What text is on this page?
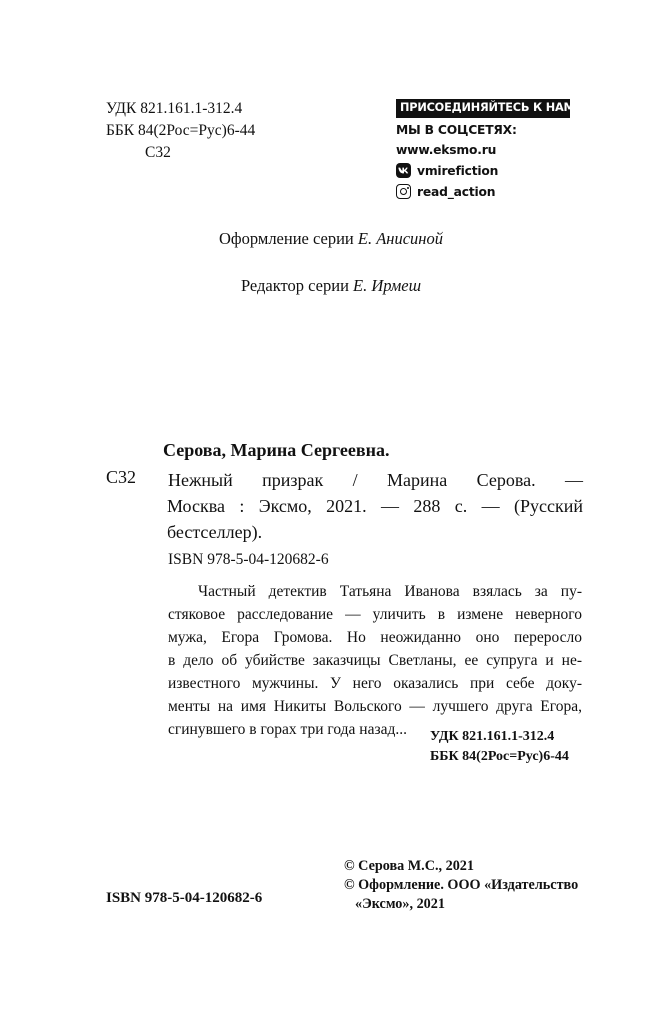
УДК 821.161.1-312.4
ББК 84(2Рос=Рус)6-44
С32
ПРИСОЕДИНЯЙТЕСЬ К НАМ!
МЫ В СОЦСЕТЯХ:
www.eksmo.ru
vmirefiction
read_action
Оформление серии Е. Анисиной
Редактор серии Е. Ирмеш
Серова, Марина Сергеевна.
С32 Нежный призрак / Марина Серова. —
Москва : Эксмо, 2021. — 288 с. — (Русский
бестселлер).
ISBN 978-5-04-120682-6
Частный детектив Татьяна Иванова взялась за пу-
стяковое расследование — уличить в измене неверного
мужа, Егора Громова. Но неожиданно оно переросло
в дело об убийстве заказчицы Светланы, ее супруга и не-
известного мужчины. У него оказались при себе доку-
менты на имя Никиты Вольского — лучшего друга Егора,
сгинувшего в горах три года назад...	УДК 821.161.1-312.4
ББК 84(2Рос=Рус)6-44
© Серова М.С., 2021
© Оформление. ООО «Издательство
«Эксмо», 2021
ISBN 978-5-04-120682-6
